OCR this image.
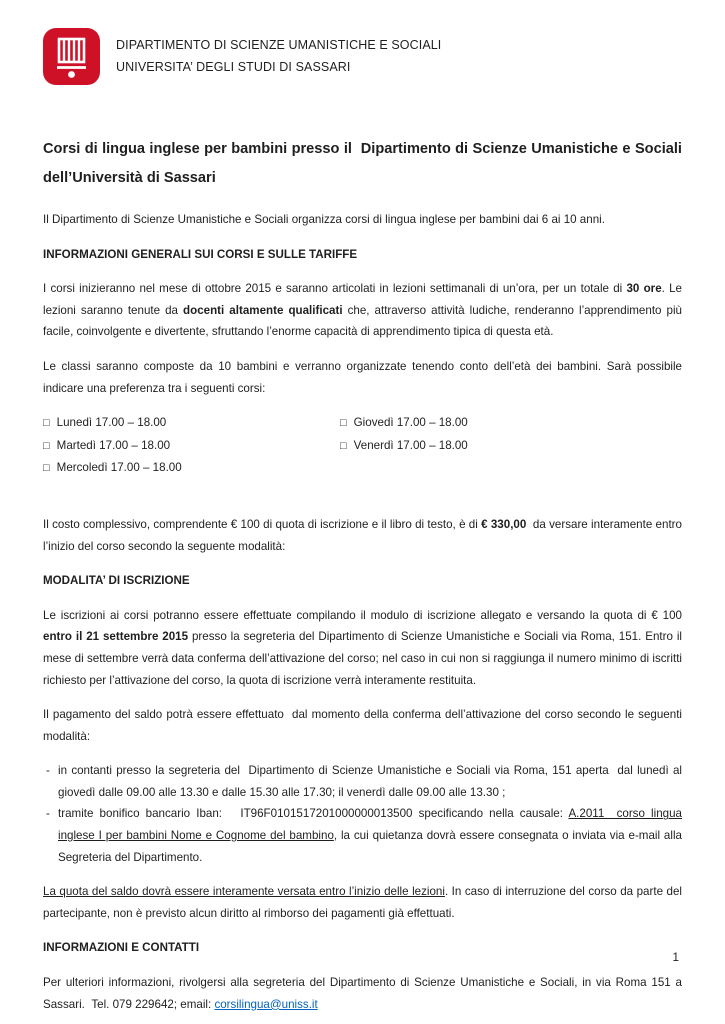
DIPARTIMENTO DI SCIENZE UMANISTICHE E SOCIALI
UNIVERSITA’ DEGLI STUDI DI SASSARI
Corsi di lingua inglese per bambini presso il  Dipartimento di Scienze Umanistiche e Sociali dell’Università di Sassari

Il Dipartimento di Scienze Umanistiche e Sociali organizza corsi di lingua inglese per bambini dai 6 ai 10 anni.

INFORMAZIONI GENERALI SUI CORSI E SULLE TARIFFE

I corsi inizieranno nel mese di ottobre 2015 e saranno articolati in lezioni settimanali di un’ora, per un totale di 30 ore. Le lezioni saranno tenute da docenti altamente qualificati che, attraverso attività ludiche, renderanno l’apprendimento più facile, coinvolgente e divertente, sfruttando l’enorme capacità di apprendimento tipica di questa età.

Le classi saranno composte da 10 bambini e verranno organizzate tenendo conto dell’età dei bambini. Sarà possibile indicare una preferenza tra i seguenti corsi:

□ Lunedì 17.00 – 18.00
□ Martedì 17.00 – 18.00
□ Mercoledì 17.00 – 18.00
□ Giovedì 17.00 – 18.00
□ Venerdì 17.00 – 18.00

Il costo complessivo, comprendente € 100 di quota di iscrizione e il libro di testo, è di € 330,00  da versare interamente entro l’inizio del corso secondo la seguente modalità:

MODALITA’ DI ISCRIZIONE

Le iscrizioni ai corsi potranno essere effettuate compilando il modulo di iscrizione allegato e versando la quota di € 100 entro il 21 settembre 2015 presso la segreteria del Dipartimento di Scienze Umanistiche e Sociali via Roma, 151. Entro il mese di settembre verrà data conferma dell’attivazione del corso; nel caso in cui non si raggiunga il numero minimo di iscritti richiesto per l’attivazione del corso, la quota di iscrizione verrà interamente restituita.

Il pagamento del saldo potrà essere effettuato  dal momento della conferma dell’attivazione del corso secondo le seguenti modalità:

- in contanti presso la segreteria del  Dipartimento di Scienze Umanistiche e Sociali via Roma, 151 aperta  dal lunedì al giovedì dalle 09.00 alle 13.30 e dalle 15.30 alle 17.30; il venerdì dalle 09.00 alle 13.30 ;
- tramite bonifico bancario Iban:   IT96F0101517201000000013500 specificando nella causale: A.2011  corso lingua inglese I per bambini Nome e Cognome del bambino, la cui quietanza dovrà essere consegnata o inviata via e-mail alla Segreteria del Dipartimento.

La quota del saldo dovrà essere interamente versata entro l’inizio delle lezioni. In caso di interruzione del corso da parte del partecipante, non è previsto alcun diritto al rimborso dei pagamenti già effettuati.

INFORMAZIONI E CONTATTI

Per ulteriori informazioni, rivolgersi alla segreteria del Dipartimento di Scienze Umanistiche e Sociali, in via Roma 151 a Sassari.  Tel. 079 229642; email: corsilingua@uniss.it

1
